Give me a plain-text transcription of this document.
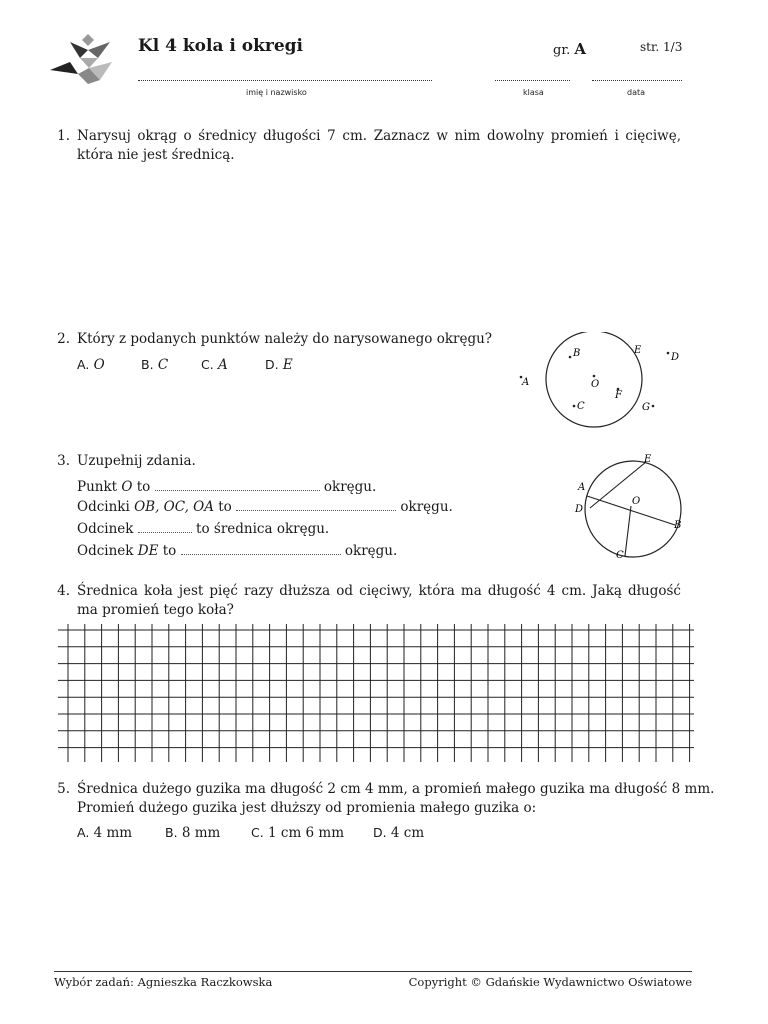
Kl 4 kola i okregi	gr. A	str. 1/3
imię i nazwisko	klasa	data
1. Narysuj okrąg o średnicy długości 7 cm. Zaznacz w nim dowolny promień i cięciwę, która nie jest średnicą.
2. Który z podanych punktów należy do narysowanego okręgu?
A. O	B. C	C. A	D. E
B	E
D
A	O
F
C	G
3. Uzupełnij zdania.
Punkt O to	okręgu.
Odcinki OB, OC, OA to	okręgu.
Odcinek	to średnica okręgu.
Odcinek DE to	okręgu.
E
A
O
D
B
C
4. Średnica koła jest pięć razy dłuższa od cięciwy, która ma długość 4 cm. Jaką długość ma promień tego koła?
5. Średnica dużego guzika ma długość 2 cm 4 mm, a promień małego guzika ma długość 8 mm.
Promień dużego guzika jest dłuższy od promienia małego guzika o:
A. 4 mm	B. 8 mm C. 1 cm 6 mm D. 4 cm
Wybór zadań: Agnieszka Raczkowska	Copyright © Gdańskie Wydawnictwo Oświatowe
